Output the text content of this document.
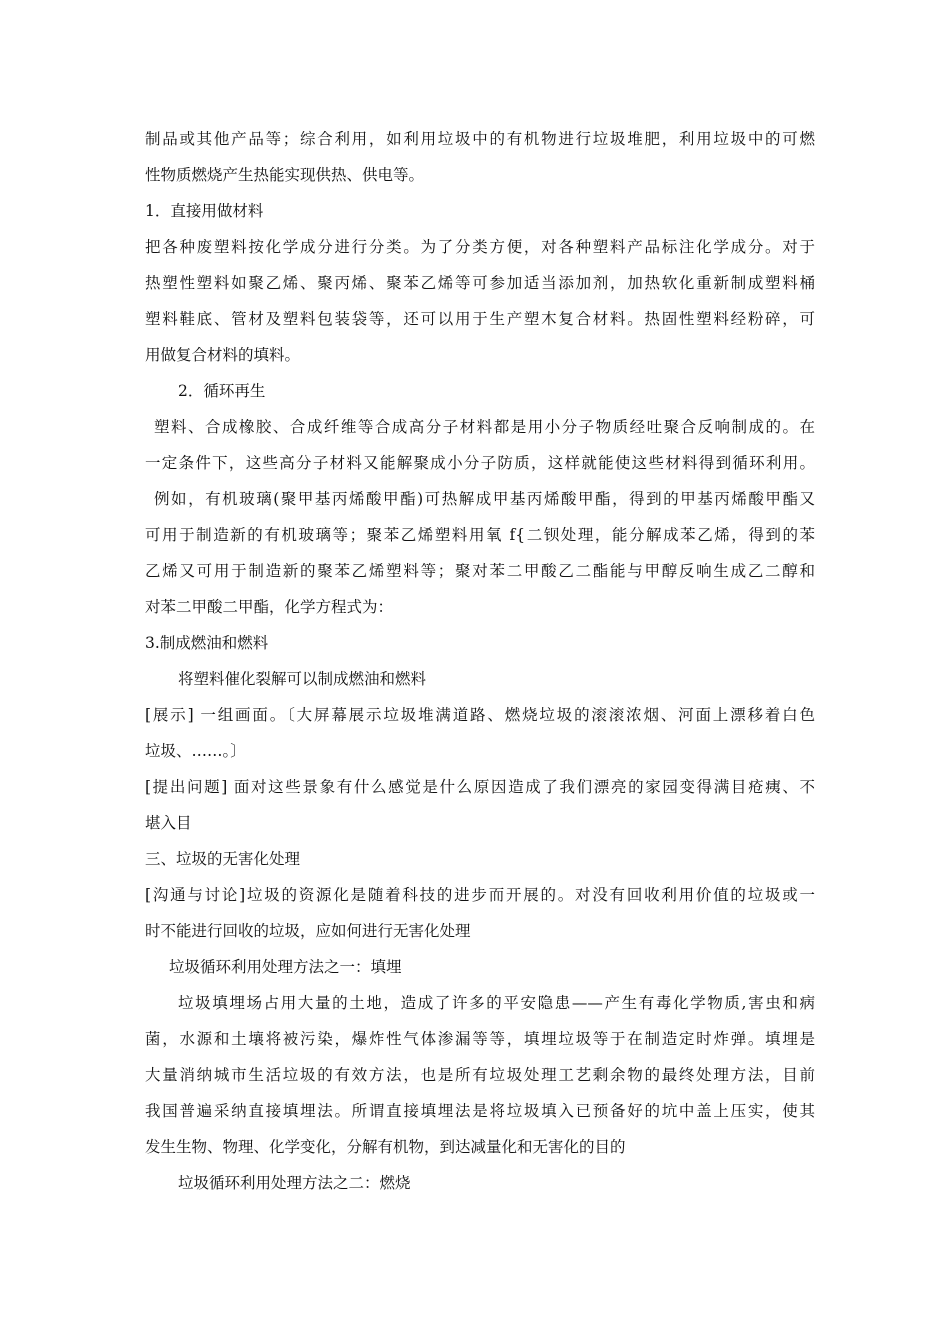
制品或其他产品等；综合利用，如利用垃圾中的有机物进行垃圾堆肥，利用垃圾中的可燃
性物质燃烧产生热能实现供热、供电等。
1．直接用做材料
把各种废塑料按化学成分进行分类。为了分类方便，对各种塑料产品标注化学成分。对于
热塑性塑料如聚乙烯、聚丙烯、聚苯乙烯等可参加适当添加剂，加热软化重新制成塑料桶
塑料鞋底、管材及塑料包装袋等，还可以用于生产塑木复合材料。热固性塑料经粉碎，可
用做复合材料的填料。
2．循环再生
塑料、合成橡胶、合成纤维等合成高分子材料都是用小分子物质经吐聚合反响制成的。在
一定条件下，这些高分子材料又能解聚成小分子防质，这样就能使这些材料得到循环利用。
例如，有机玻璃(聚甲基丙烯酸甲酯)可热解成甲基丙烯酸甲酯，得到的甲基丙烯酸甲酯又
可用于制造新的有机玻璃等；聚苯乙烯塑料用氧 f{二钡处理，能分解成苯乙烯，得到的苯
乙烯又可用于制造新的聚苯乙烯塑料等；聚对苯二甲酸乙二酯能与甲醇反响生成乙二醇和
对苯二甲酸二甲酯，化学方程式为：
3.制成燃油和燃料
将塑料催化裂解可以制成燃油和燃料
[展示] 一组画面。〔大屏幕展示垃圾堆满道路、燃烧垃圾的滚滚浓烟、河面上漂移着白色
垃圾、……。〕
[提出问题] 面对这些景象有什么感觉是什么原因造成了我们漂亮的家园变得满目疮痍、不
堪入目
三、垃圾的无害化处理
[沟通与讨论]垃圾的资源化是随着科技的进步而开展的。对没有回收利用价值的垃圾或一
时不能进行回收的垃圾，应如何进行无害化处理
垃圾循环利用处理方法之一：填埋
垃圾填埋场占用大量的土地，造成了许多的平安隐患——产生有毒化学物质,害虫和病
菌，水源和土壤将被污染，爆炸性气体渗漏等等，填埋垃圾等于在制造定时炸弹。填埋是
大量消纳城市生活垃圾的有效方法，也是所有垃圾处理工艺剩余物的最终处理方法，目前
我国普遍采纳直接填埋法。所谓直接填埋法是将垃圾填入已预备好的坑中盖上压实，使其
发生生物、物理、化学变化，分解有机物，到达减量化和无害化的目的
垃圾循环利用处理方法之二：燃烧
